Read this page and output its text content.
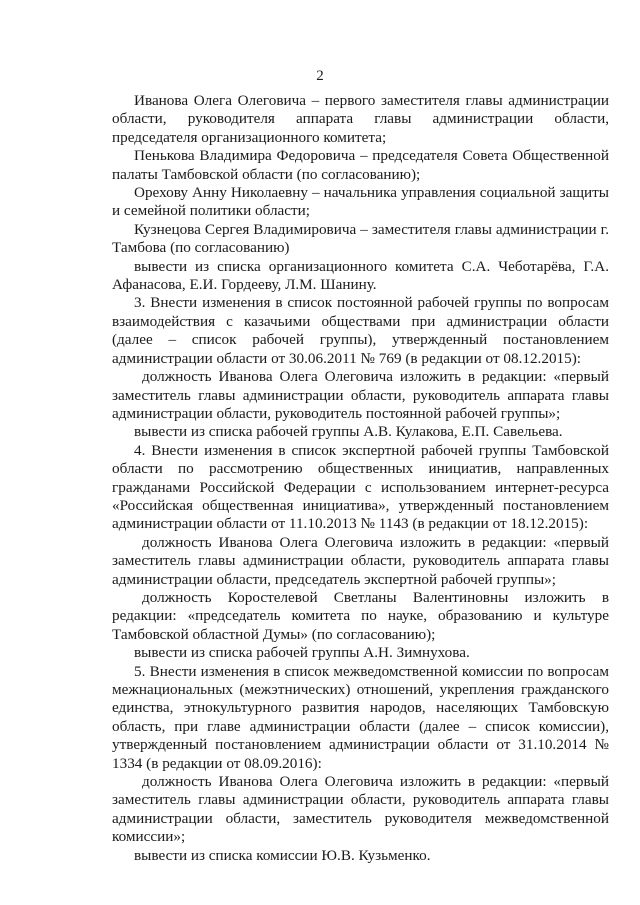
2

Иванова Олега Олеговича – первого заместителя главы администрации области, руководителя аппарата главы администрации области, председателя организационного комитета;

Пенькова Владимира Федоровича – председателя Совета Общественной палаты Тамбовской области (по согласованию);

Орехову Анну Николаевну – начальника управления социальной защиты и семейной политики области;

Кузнецова Сергея Владимировича – заместителя главы администрации г. Тамбова (по согласованию)

вывести из списка организационного комитета С.А. Чеботарёва, Г.А. Афанасова, Е.И. Гордееву, Л.М. Шанину.

3. Внести изменения в список постоянной рабочей группы по вопросам взаимодействия с казачьими обществами при администрации области (далее – список рабочей группы), утвержденный постановлением администрации области от 30.06.2011 № 769 (в редакции от 08.12.2015):

должность Иванова Олега Олеговича изложить в редакции: «первый заместитель главы администрации области, руководитель аппарата главы администрации области, руководитель постоянной рабочей группы»;

вывести из списка рабочей группы А.В. Кулакова, Е.П. Савельева.

4. Внести изменения в список экспертной рабочей группы Тамбовской области по рассмотрению общественных инициатив, направленных гражданами Российской Федерации с использованием интернет-ресурса «Российская общественная инициатива», утвержденный постановлением администрации области от 11.10.2013 № 1143 (в редакции от 18.12.2015):

должность Иванова Олега Олеговича изложить в редакции: «первый заместитель главы администрации области, руководитель аппарата главы администрации области, председатель экспертной рабочей группы»;

должность Коростелевой Светланы Валентиновны изложить в редакции: «председатель комитета по науке, образованию и культуре Тамбовской областной Думы» (по согласованию);

вывести из списка рабочей группы А.Н. Зимнухова.

5. Внести изменения в список межведомственной комиссии по вопросам межнациональных (межэтнических) отношений, укрепления гражданского единства, этнокультурного развития народов, населяющих Тамбовскую область, при главе администрации области (далее – список комиссии), утвержденный постановлением администрации области от 31.10.2014 № 1334 (в редакции от 08.09.2016):

должность Иванова Олега Олеговича изложить в редакции: «первый заместитель главы администрации области, руководитель аппарата главы администрации области, заместитель руководителя межведомственной комиссии»;

вывести из списка комиссии Ю.В. Кузьменко.
